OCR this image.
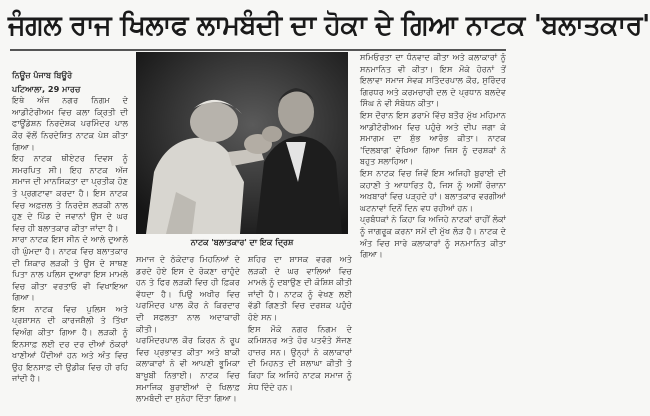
ਜੰਗਲ ਰਾਜ ਖਿਲਾਫ ਲਾਮਬੰਦੀ ਦਾ ਹੋਕਾ ਦੇ ਗਿਆ ਨਾਟਕ 'ਬਲਾਤਕਾਰ'

ਨਿਊਜ਼ ਪੰਜਾਬ ਬਿਊਰੋ

ਪਟਿਆਲਾ, 29 ਮਾਰਚ

ਇਥੇ ਅੱਜ ਨਗਰ ਨਿਗਮ ਦੇ ਆਡੀਟੋਰੀਅਮ ਵਿਚ ਕਲਾ ਕ੍ਰਿਤੀ ਦੀ ਫਾਊਂਡੇਸ਼ਨ ਨਿਰਦੇਸ਼ਕ ਪਰਮਿੰਦਰ ਪਾਲ ਕੌਰ ਵੱਲੋਂ ਨਿਰਦੇਸ਼ਿਤ ਨਾਟਕ ਪੇਸ਼ ਕੀਤਾ ਗਿਆ।

ਇਹ ਨਾਟਕ ਥੀਏਟਰ ਦਿਵਸ ਨੂੰ ਸਮਰਪਿਤ ਸੀ। ਇਹ ਨਾਟਕ ਅੱਜ ਸਮਾਜ ਦੀ ਮਾਨਸਿਕਤਾ ਦਾ ਪ੍ਰਤੀਕ ਹੋਣ ਤੇ ਪ੍ਰਗਟਾਵਾ ਕਰਦਾ ਹੈ। ਇਸ ਨਾਟਕ ਵਿਚ ਅਫ਼ਜ਼ਲ ਤੇ ਨਿਰਦੋਸ਼ ਲੜਕੀ ਨਾਲ ਹੁਣ ਦੇ ਪਿੰਡ ਦੇ ਜਵਾਨਾਂ ਉਸ ਦੇ ਘਰ ਵਿਚ ਹੀ ਬਲਾਤਕਾਰ ਕੀਤਾ ਜਾਂਦਾ ਹੈ।

ਸਾਰਾ ਨਾਟਕ ਇਸ ਸੀਨ ਦੇ ਆਲੇ ਦੁਆਲੇ ਹੀ ਘੁੰਮਦਾ ਹੈ। ਨਾਟਕ ਵਿਚ ਬਲਾਤਕਾਰ ਦੀ ਸ਼ਿਕਾਰ ਲੜਕੀ ਤੇ ਉਸ ਦੇ ਸਾਥਣ ਪਿਤਾ ਨਾਲ ਪਲਿਸ ਦੁਆਰਾ ਇਸ ਮਾਮਲੇ ਵਿਚ ਕੀਤਾ ਵਰਤਾਓ ਵੀ ਵਿਖਾਇਆ ਗਿਆ।

ਇਸ ਨਾਟਕ ਵਿਚ ਪੁਲਿਸ ਅਤੇ ਪ੍ਰਸ਼ਾਸਨ ਦੀ ਕਾਰਜਸ਼ੈਲੀ ਤੇ ਤਿੱਖਾ ਵਿਅੰਗ ਕੀਤਾ ਗਿਆ ਹੈ। ਲੜਕੀ ਨੂੰ ਇਨਸਾਫ਼ ਲਈ ਦਰ ਦਰ ਦੀਆਂ ਠੋਕਰਾਂ ਖਾਣੀਆਂ ਪੈਂਦੀਆਂ ਹਨ ਅਤੇ ਅੰਤ ਵਿਚ ਉਹ ਇਨਸਾਫ਼ ਦੀ ਉਡੀਕ ਵਿਚ ਹੀ ਰਹਿ ਜਾਂਦੀ ਹੈ।

ਨਾਟਕ 'ਬਲਾਤਕਾਰ' ਦਾ ਇਕ ਦ੍ਰਿਸ਼

ਸਮਾਜ ਦੇ ਠੇਕੇਦਾਰ ਮਿਹਨਿਆਂ ਦੇ ਡਰਦੇ ਹੋਏ ਇਸ ਦੇ ਰੋਕਣਾ ਚਾਹੁੰਦੇ ਹਨ ਤੇ ਫਿਰ ਲੜਕੀ ਵਿਚ ਹੀ ਫ਼ਿਕਰ ਵੱਧਦਾ ਹੈ। ਪਿਉ ਅਖੀਰ ਵਿਚ ਪਰਮਿੰਦਰ ਪਾਲ ਕੌਰ ਨੇ ਕਿਰਦਾਰ ਦੀ ਸਫਲਤਾ ਨਾਲ ਅਦਾਕਾਰੀ ਕੀਤੀ।

ਪਰਮਿੰਦਰਪਾਲ ਕੌਰ ਕਿਰਨ ਨੇ ਰੂਪ ਵਿਚ ਪ੍ਰਭਾਵਤ ਕੀਤਾ ਅਤੇ ਬਾਕੀ ਕਲਾਕਾਰਾਂ ਨੇ ਵੀ ਆਪਣੀ ਭੂਮਿਕਾ ਬਾਖੂਬੀ ਨਿਭਾਈ। ਨਾਟਕ ਵਿਚ ਸਮਾਜਿਕ ਬੁਰਾਈਆਂ ਦੇ ਖਿਲਾਫ਼ ਲਾਮਬੰਦੀ ਦਾ ਸੁਨੇਹਾ ਦਿੱਤਾ ਗਿਆ।

ਸ਼ਹਿਰ ਦਾ ਸ਼ਾਸਕ ਵਰਗ ਅਤੇ ਲੜਕੀ ਦੇ ਘਰ ਵਾਲਿਆਂ ਵਿਚ ਮਾਮਲੇ ਨੂੰ ਦਬਾਉਣ ਦੀ ਕੋਸ਼ਿਸ਼ ਕੀਤੀ ਜਾਂਦੀ ਹੈ। ਨਾਟਕ ਨੂੰ ਵੇਖਣ ਲਈ ਵੱਡੀ ਗਿਣਤੀ ਵਿਚ ਦਰਸ਼ਕ ਪਹੁੰਚੇ ਹੋਏ ਸਨ।

ਇਸ ਮੌਕੇ ਨਗਰ ਨਿਗਮ ਦੇ ਕਮਿਸ਼ਨਰ ਅਤੇ ਹੋਰ ਪਤਵੰਤੇ ਸੱਜਣ ਹਾਜ਼ਰ ਸਨ। ਉਨ੍ਹਾਂ ਨੇ ਕਲਾਕਾਰਾਂ ਦੀ ਮਿਹਨਤ ਦੀ ਸ਼ਲਾਘਾ ਕੀਤੀ ਤੇ ਕਿਹਾ ਕਿ ਅਜਿਹੇ ਨਾਟਕ ਸਮਾਜ ਨੂੰ ਸੇਧ ਦਿੰਦੇ ਹਨ।

ਸਮਿਓਰਤਾ ਦਾ ਧੰਨਵਾਦ ਕੀਤਾ ਅਤੇ ਕਲਾਕਾਰਾਂ ਨੂੰ ਸਨਮਾਨਿਤ ਵੀ ਕੀਤਾ। ਇਸ ਮੌਕੇ ਹੋਰਨਾਂ ਤੋਂ ਇਲਾਵਾ ਸਮਾਜ ਸੇਵਕ ਸਤਿੰਦਰਪਾਲ ਕੌਰ, ਸੁਰਿੰਦਰ ਗਿਰਧਰ ਅਤੇ ਕਰਮਚਾਰੀ ਦਲ ਦੇ ਪ੍ਰਧਾਨ ਬਲਦੇਵ ਸਿੰਘ ਨੇ ਵੀ ਸੰਬੋਧਨ ਕੀਤਾ।

ਇਸ ਦੌਰਾਨ ਇਸ ਡਰਾਮੇ ਵਿੱਚ ਬਤੌਰ ਮੁੱਖ ਮਹਿਮਾਨ ਆਡੀਟੋਰੀਅਮ ਵਿਚ ਪਹੁੰਚੇ ਅਤੇ ਦੀਪ ਜਗਾ ਕੇ ਸਮਾਗਮ ਦਾ ਸ਼ੁੱਭ ਆਰੰਭ ਕੀਤਾ। ਨਾਟਕ 'ਦਿਲਬਾਗ' ਵੇਖਿਆ ਗਿਆ ਜਿਸ ਨੂੰ ਦਰਸ਼ਕਾਂ ਨੇ ਬਹੁਤ ਸਲਾਹਿਆ।

ਇਸ ਨਾਟਕ ਵਿਚ ਜਿਵੇਂ ਇਸ ਅਜਿਹੀ ਬੁਰਾਈ ਦੀ ਕਹਾਣੀ ਤੇ ਆਧਾਰਿਤ ਹੈ, ਜਿਸ ਨੂੰ ਅਸੀਂ ਰੋਜ਼ਾਨਾ ਅਖ਼ਬਾਰਾਂ ਵਿਚ ਪੜ੍ਹਦੇ ਹਾਂ। ਬਲਾਤਕਾਰ ਵਰਗੀਆਂ ਘਟਨਾਵਾਂ ਦਿਨੋਂ ਦਿਨ ਵਧ ਰਹੀਆਂ ਹਨ।

ਪ੍ਰਬੰਧਕਾਂ ਨੇ ਕਿਹਾ ਕਿ ਅਜਿਹੇ ਨਾਟਕਾਂ ਰਾਹੀਂ ਲੋਕਾਂ ਨੂੰ ਜਾਗਰੂਕ ਕਰਨਾ ਸਮੇਂ ਦੀ ਮੁੱਖ ਲੋੜ ਹੈ। ਨਾਟਕ ਦੇ ਅੰਤ ਵਿਚ ਸਾਰੇ ਕਲਾਕਾਰਾਂ ਨੂੰ ਸਨਮਾਨਿਤ ਕੀਤਾ ਗਿਆ।
